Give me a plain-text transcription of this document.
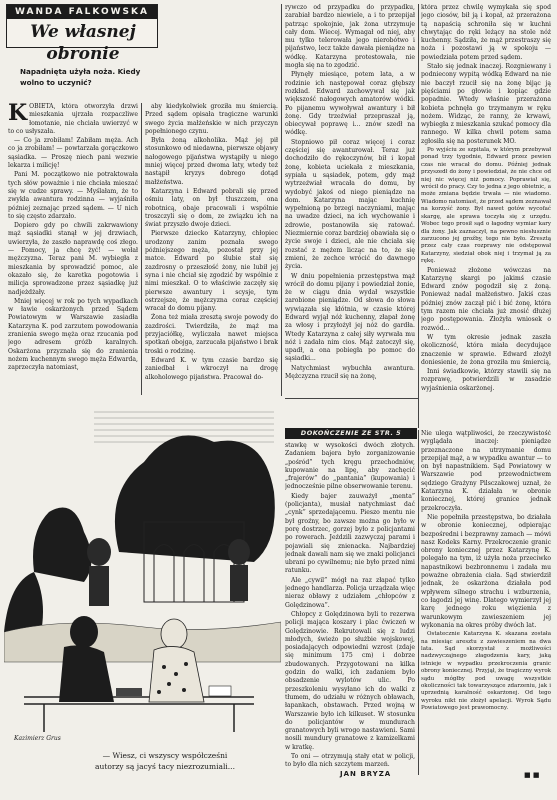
WANDA FALKOWSKA
We własnej obronie
Napadnięta użyła noża. Kiedy wolno to uczynić?

KOBIETA, która otworzyła drzwi mieszkania ujrzała rozpaczliwe łomotanie, nie chciała uwierzyć w to co usłyszała.

— Co ja zrobiłam! Zabiłam męża. Ach co ja zrobiłam! — powtarzała gorączkowo sąsiadka. — Proszę niech pani wezwie lekarza i milicję!

Pani M. początkowo nie potraktowała tych słów poważnie i nie chciała mieszać się w cudze sprawy. — Myślałam, że to zwykła awantura rodzinna — wyjaśniła później zeznając przed sądem. — U nich to się często zdarzało.

Dopiero gdy po chwili zakrwawiony mąż sąsiadki stanął w jej drzwiach, uwierzyła, że zaszło naprawdę coś złego. — Pomocy, ja chcę żyć! — wołał mężczyzna. Teraz pani M. wybiegła z mieszkania by sprowadzić pomoc, ale okazało się, że karetka pogotowia i milicja sprowadzone przez sąsiadkę już nadjeżdżały.

Mniej więcej w rok po tych wypadkach w ławie oskarżonych przed Sądem Powiatowym w Warszawie zasiadła Katarzyna K. pod zarzutem powodowania zranienia swego męża oraz rzucania pod jego adresem gróźb karalnych. Oskarżona przyznała się do zranienia nożem kuchennym swego męża Edwarda, zaprzeczyła natomiast,

aby kiedykolwiek groziła mu śmiercią. Przed sądem opisała tragiczne warunki swego życia małżeńskie w nich przyczyn popełnionego czynu.

Była żoną alkoholika. Mąż jej pił stosunkowo od niedawna, pierwsze objawy nałogowego pijaństwa wystąpiły u niego mniej więcej przed dwoma laty, wtedy też nastąpił kryzys dobrego dotąd małżeństwa.

Katarzyna i Edward pobrali się przed ośmiu laty, on był tłuszczem, ona robotnicą, obaje pracowali i wspólnie troszczyli się o dom, ze związku ich na świat przyszło dwoje dzieci.

Pierwsze dziecko Katarzyny, chłopiec urodzony zanim poznała swego późniejszego męża, pozostał przy jej matce. Edward po ślubie stał się zazdrosny o przeszłość żony, nie lubił jej syna i nie chciał się zgodzić by wspólnie z nimi mieszkał. O to właściwie zaczęły się pierwsze awantury i scysje, tym ostrzejsze, że mężczyzna coraz częściej wracał do domu pijany.

Żona też miała zresztą swoje powody do zazdrości. Twierdziła, że mąż ma przyjaciółkę, wyliczała nawet miejsca spotkań obojga, zarzucała pijaństwo i brak troski o rodzinę.

Edward K. w tym czasie bardzo się zaniedbał i wkroczył na drogę alkoholowego pijaństwa. Pracował do-

rywczo od przypadku do przypadku, zarabiał bardzo niewiele, a i to przepijał patrząc spokojnie, jak żona utrzymuje cały dom. Wiecej. Wymagał od niej, aby mu tylko telerowała jego nierobótwo i pijaństwo, lecz także dawała pieniądze na wódkę. Katarzyna protestowała, nie mogła się na to zgodzić.

Płynęły miesiące, potem lata, a w rodzinie ich następował coraz głębszy rozkład. Edward zachowywał się jak większość nałogowych amatorów wódki. Po pijanemu wywoływał awantury i bił żonę. Gdy trzeźwiał przepraszał ją, obiecywał poprawę i... znów szedł na wódkę.

Stopniowo pił coraz więcej i coraz częściej się awanturował. Teraz już dochodziło do rękoczynów, bił i kopał żonę, kobieta uciekała z mieszkania, sypiała u sąsiadek, potem, gdy mąż wytrzeźwiał wracała do domu, by wydobyć jakoś od niego pieniądze na dom. Katarzyna mając kuchnię wypełnioną po brzegi naczyniami, mając na uwadze dzieci, na ich wychowanie i zdrowie, postanowiła się ratować. Niezmiernie coraz bardziej obawiała się o życie swoje i dzieci, ale nie chciała się rozstać z mężem licząc na to, że się zmieni, że zechce wrócić do dawnego życia.

W dniu popełnienia przestępstwa mąż wrócił do domu pijany i powiedział żonie, że w ciągu dnia wydał wszystkie zarobione pieniądze. Od słowa do słowa wywiązała się kłótnia, w czasie której Edward wyjął nóż kuchenny, złapał żonę za włosy i przyłożył jej nóż do gardła. Wtedy Katarzyna z całej siły wyrwała mu nóż i zadała nim cios. Mąż zatoczył się, upadł, a ona pobiegła po pomoc do sąsiadki...

Natychmiast wybuchła awantura. Mężczyzna rzucił się na żonę,

która przez chwilę wymykała się spod jego ciosów, bił ją i kopał, aż przerażona tą napaścią schroniła się w kuchni chwytając do ręki leżący na stole nóż kuchenny. Sądziła, że mąż przestraszy się noża i pozostawi ją w spokoju — powiedziała potem przed sądem.

Stało się jednak inaczej. Rozgniewany i podniecony wypitą wódką Edward na nie nie baczył rzucił się na żonę bijąc ją pięściami po głowie i kopiąc gdzie popadnie. Wtedy właśnie przerażona kobieta pchnęła go trzymanym w ręku nożem. Widząc, że ranny, że krwawi, wybiegła z mieszkania szukać pomocy dla rannego. W kilka chwil potem sama zgłosiła się na posterunek MO.

Po wyjściu ze szpitala, w którym przebywał ponad trzy tygodnie, Edward przez pewien czas nie wracał do domu. Później jednak przyszedł do żony i powiedział, że nie chce od niej nic więcej niż pomocy. Poprawiał się, wrócił do pracy. Czy to jedna z jego obietnic, a może zmiana będzie trwała — nie wiadomo. Wiadomo natomiast, że przed sądem zeznawał na korzyść żony. Był nawet gotów wycofać skargę, ale sprawa toczyła się z urzędu. Wobec tego prosił sąd o łagodny wymiar kary dla żony. Jak zaznaczył, na pewno niesłusznie zarzucono jej groźby, tego nie było. Zresztą przez cały czas rozprawy nie odstępował Katarzyny, siedział obok niej i trzymał ją za rękę.

Ponieważ złożone wówczas na Katarzynę skargi po jakimś czasie Edward znów pogodził się z żoną. Ponieważ nadal małżeństwo. Jakiś czas później znów zaczął pić i bić żonę, która tym razem nie chciała już znosić dłużej jego postępowania. Złożyła wniosek o rozwód...

W tym okresie jednak zaszła okoliczność, która miała decydujące znaczenie w sprawie. Edward złożył doniesienie, że żona groziła mu śmiercią,

Inni świadkowie, którzy stawili się na rozprawę, potwierdzili w zasadzie wyjaśnienia oskarżonej.

DOKOŃCZENIE ZE STR. 5
Kazimierz Grus
— Wiesz, ci wszyscy współcześni autorzy są jacyś tacy niezrozumiali...

stawkę w wysokości dwóch złotych. Zadaniem bajera było zorganizowanie „pośród” tych kręgu przechodniów, kupowanie na lipę, aby zachęcić „frajerów” do „pantania” (kupowania) i jednocześnie pilne obserwowanie terenu.

Kiedy bajer zauważył „menta” (policjanta), musiał natychmiast dać „cynk” sprzedającemu. Pieszo mentu nie był groźny, bo zawsze można go było w porę dostrzec, gorzej było z policjantami po rowerach. Jeździli zazwyczaj parami i pojawiali się znienacka. Najbardziej jednak dawali nam się we znaki policjanci ubrani po cywilnemu; nie było przed nimi ratunku.

Ale „cywil” mógł na raz złapać tylko jednego handlarza. Policja urządzała więc nieraz obławy z udziałem „chłopców z Golędzinowa”.

Chłopcy z Golędzinowa byli to rezerwa policji mająca koszary i plac ćwiczeń w Golędzinowie. Rekrutowali się z ludzi młodych, świeżo po służbie wojskowej, posiadających odpowiedni wzrost (zdaje się minimum 175 cm) i dobrze zbudowanych. Przygotowani na kilka godzin do walki, ich zadaniem było obsadzenie wylotów ulic. Po przeszkoleniu wysyłano ich do walki z tłumem, do udziału w różnych obławach, łapankach, obstawach. Przed wojną w Warszawie było ich kilkuset. W stosunku do policjantów w mundurach granatowych byli wrogo nastawieni. Sami nosili mundury granatowe z kamizelkami w kratkę.

To oni — otrzymują stały etat w policji, to było dla nich szczytem marzeń.

Nie ulega wątpliwości, że rzeczywistość wyglądała inaczej: pieniądze przeznaczone na utrzymanie domu przepijał mąż, a w wypadku awantur — to on był napastnikiem. Sąd Powiatowy w Warszawie pod przewodnictwem sędziego Grażyny Pilsczakowej uznał, że Katarzyna K. działała w obronie koniecznej, której granice jednak przekroczyła.

Nie popełniła przestępstwa, bo działała w obronie koniecznej, odpierając bezpośredni i bezprawny zamach — mówi nasz Kodeks Karny. Przekroczenie granic obrony koniecznej przez Katarzynę K. polegało na tym, iż użyła noża przeciwko napastnikowi bezbronnemu i zadała mu poważne obrażenia ciała. Sąd stwierdził jednak, że oskarżona działała pod wpływem silnego strachu i wzburzenia, co łagodzi jej winę. Dlatego wymierzył jej karę jednego roku więzienia z warunkowym zawieszeniem jej wykonania na okres próby dwóch lat.

Ostatecznie Katarzyna K. skazana została na miesiąc aresztu z zawieszeniem na dwa lata. Sąd skorzystał z możliwości nadzwyczajnego złagodzenia kary, jaką istnieje w wypadku przekroczenia granic obrony koniecznej. Przyjął, że tragiczny wyrok sądu mógłby pod uwagę wszystkie okoliczności tak towarzyszące zdarzeniu, jak i uprzednią karalność oskarżonej. Od tego wyroku nikt nie złożył apelacji. Wyrok Sądu Powiatowego jest prawomocny.

JAN BRYZA	■ ■
